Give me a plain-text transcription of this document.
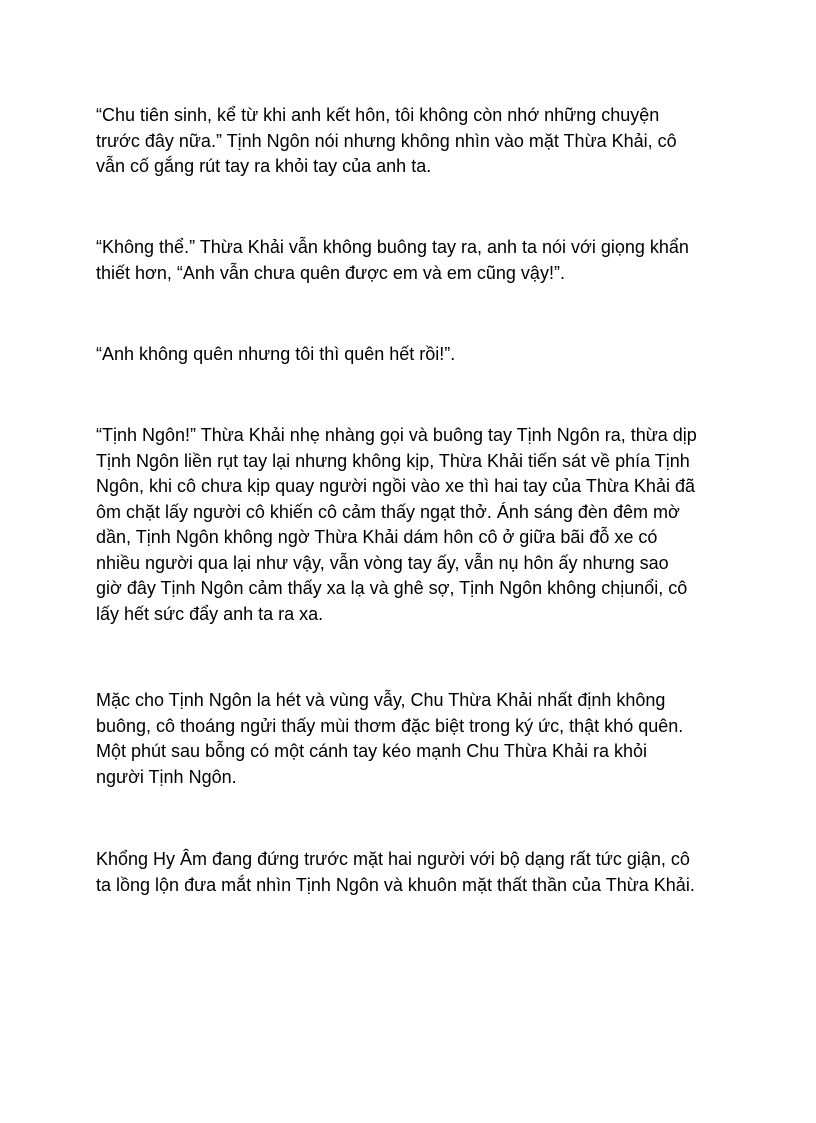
“Chu tiên sinh, kể từ khi anh kết hôn, tôi không còn nhớ những chuyện
trước đây nữa.” Tịnh Ngôn nói nhưng không nhìn vào mặt Thừa Khải, cô
vẫn cố gắng rút tay ra khỏi tay của anh ta.

“Không thể.” Thừa Khải vẫn không buông tay ra, anh ta nói với giọng khẩn
thiết hơn, “Anh vẫn chưa quên được em và em cũng vậy!”.

“Anh không quên nhưng tôi thì quên hết rồi!”.

“Tịnh Ngôn!” Thừa Khải nhẹ nhàng gọi và buông tay Tịnh Ngôn ra, thừa dịp
Tịnh Ngôn liền rụt tay lại nhưng không kịp, Thừa Khải tiến sát về phía Tịnh
Ngôn, khi cô chưa kịp quay người ngồi vào xe thì hai tay của Thừa Khải đã
ôm chặt lấy người cô khiến cô cảm thấy ngạt thở. Ánh sáng đèn đêm mờ
dần, Tịnh Ngôn không ngờ Thừa Khải dám hôn cô ở giữa bãi đỗ xe có
nhiều người qua lại như vậy, vẫn vòng tay ấy, vẫn nụ hôn ấy nhưng sao
giờ đây Tịnh Ngôn cảm thấy xa lạ và ghê sợ, Tịnh Ngôn không chịunổi, cô
lấy hết sức đẩy anh ta ra xa.

Mặc cho Tịnh Ngôn la hét và vùng vẫy, Chu Thừa Khải nhất định không
buông, cô thoáng ngửi thấy mùi thơm đặc biệt trong ký ức, thật khó quên.
Một phút sau bỗng có một cánh tay kéo mạnh Chu Thừa Khải ra khỏi
người Tịnh Ngôn.

Khổng Hy Âm đang đứng trước mặt hai người với bộ dạng rất tức giận, cô
ta lồng lộn đưa mắt nhìn Tịnh Ngôn và khuôn mặt thất thần của Thừa Khải.
